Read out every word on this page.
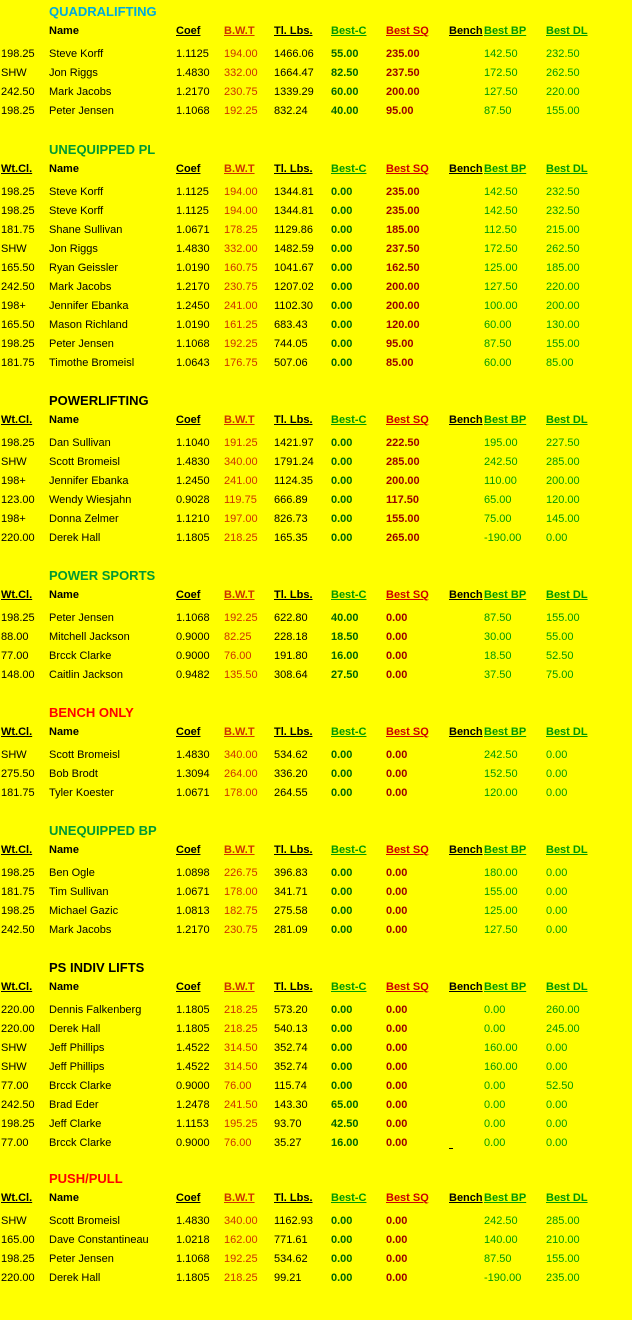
QUADRALIFTING
Name	Coef B.W.T Tl. Lbs. Best-C Best SQ Bench Best BP Best DL
198.25 Steve Korff	1.1125 194.00 1466.06 55.00 235.00	142.50	232.50
SHW Jon Riggs	1.4830 332.00 1664.47 82.50 237.50	172.50	262.50
242.50 Mark Jacobs	1.2170 230.75 1339.29 60.00 200.00	127.50	220.00
198.25 Peter Jensen	1.1068 192.25 832.24 40.00 95.00	87.50	155.00
UNEQUIPPED PL
Wt.Cl. Name	Coef B.W.T Tl. Lbs. Best-C Best SQ Bench Best BP Best DL
198.25 Steve Korff	1.1125 194.00 1344.81 0.00	235.00	142.50	232.50
198.25 Steve Korff	1.1125 194.00 1344.81 0.00	235.00	142.50	232.50
181.75 Shane Sullivan	1.0671 178.25 1129.86 0.00	185.00	112.50	215.00
SHW Jon Riggs	1.4830 332.00 1482.59 0.00	237.50	172.50	262.50
165.50 Ryan Geissler	1.0190 160.75 1041.67 0.00	162.50	125.00	185.00
242.50 Mark Jacobs	1.2170 230.75 1207.02 0.00	200.00	127.50	220.00
198+ Jennifer Ebanka	1.2450 241.00 1102.30 0.00	200.00	100.00	200.00
165.50 Mason Richland	1.0190 161.25 683.43 0.00	120.00	60.00	130.00
198.25 Peter Jensen	1.1068 192.25 744.05 0.00	95.00	87.50	155.00
181.75 Timothe Bromeisl	1.0643 176.75 507.06 0.00	85.00	60.00	85.00
POWERLIFTING
Wt.Cl. Name	Coef B.W.T Tl. Lbs. Best-C Best SQ Bench Best BP Best DL
198.25 Dan Sullivan	1.1040 191.25 1421.97 0.00	222.50	195.00	227.50
SHW Scott Bromeisl	1.4830 340.00 1791.24 0.00	285.00	242.50	285.00
198+ Jennifer Ebanka	1.2450 241.00 1124.35 0.00	200.00	110.00	200.00
123.00 Wendy Wiesjahn	0.9028 119.75 666.89 0.00	117.50	65.00	120.00
198+ Donna Zelmer	1.1210 197.00 826.73 0.00	155.00	75.00	145.00
220.00 Derek Hall	1.1805 218.25 165.35 0.00	265.00	-190.00 0.00
POWER SPORTS
Wt.Cl. Name	Coef B.W.T Tl. Lbs. Best-C Best SQ Bench Best BP Best DL
198.25 Peter Jensen	1.1068 192.25 622.80 40.00 0.00	87.50	155.00
88.00 Mitchell Jackson	0.9000 82.25 228.18 18.50 0.00	30.00	55.00
77.00 Brcck Clarke	0.9000 76.00 191.80 16.00 0.00	18.50	52.50
148.00 Caitlin Jackson	0.9482 135.50 308.64 27.50 0.00	37.50	75.00
BENCH ONLY
Wt.Cl. Name	Coef B.W.T Tl. Lbs. Best-C Best SQ Bench Best BP Best DL
SHW Scott Bromeisl	1.4830 340.00 534.62 0.00	0.00	242.50	0.00
275.50 Bob Brodt	1.3094 264.00 336.20 0.00	0.00	152.50	0.00
181.75 Tyler Koester	1.0671 178.00 264.55 0.00	0.00	120.00	0.00
UNEQUIPPED BP
Wt.Cl. Name	Coef B.W.T Tl. Lbs. Best-C Best SQ Bench Best BP Best DL
198.25 Ben Ogle	1.0898 226.75 396.83 0.00	0.00	180.00	0.00
181.75 Tim Sullivan	1.0671 178.00 341.71 0.00	0.00	155.00	0.00
198.25 Michael Gazic	1.0813 182.75 275.58 0.00	0.00	125.00	0.00
242.50 Mark Jacobs	1.2170 230.75 281.09 0.00	0.00	127.50	0.00
PS INDIV LIFTS
Wt.Cl. Name	Coef B.W.T Tl. Lbs. Best-C Best SQ Bench Best BP Best DL
220.00 Dennis Falkenberg	1.1805 218.25 573.20 0.00	0.00	0.00	260.00
220.00 Derek Hall	1.1805 218.25 540.13 0.00	0.00	0.00	245.00
SHW Jeff Phillips	1.4522 314.50 352.74 0.00	0.00	160.00	0.00
SHW Jeff Phillips	1.4522 314.50 352.74 0.00	0.00	160.00	0.00
77.00 Brcck Clarke	0.9000 76.00 115.74 0.00	0.00	0.00	52.50
242.50 Brad Eder	1.2478 241.50 143.30 65.00 0.00	0.00	0.00
198.25 Jeff Clarke	1.1153 195.25 93.70	42.50 0.00	0.00	0.00
77.00 Brcck Clarke	0.9000 76.00 35.27	16.00 0.00	0.00	0.00
PUSH/PULL
Wt.Cl. Name	Coef B.W.T Tl. Lbs. Best-C Best SQ Bench Best BP Best DL
SHW Scott Bromeisl	1.4830 340.00 1162.93 0.00	0.00	242.50	285.00
165.00 Dave Constantineau 1.0218 162.00 771.61 0.00	0.00	140.00	210.00
198.25 Peter Jensen	1.1068 192.25 534.62 0.00	0.00	87.50	155.00
220.00 Derek Hall	1.1805 218.25 99.21	0.00	0.00	-190.00 235.00
